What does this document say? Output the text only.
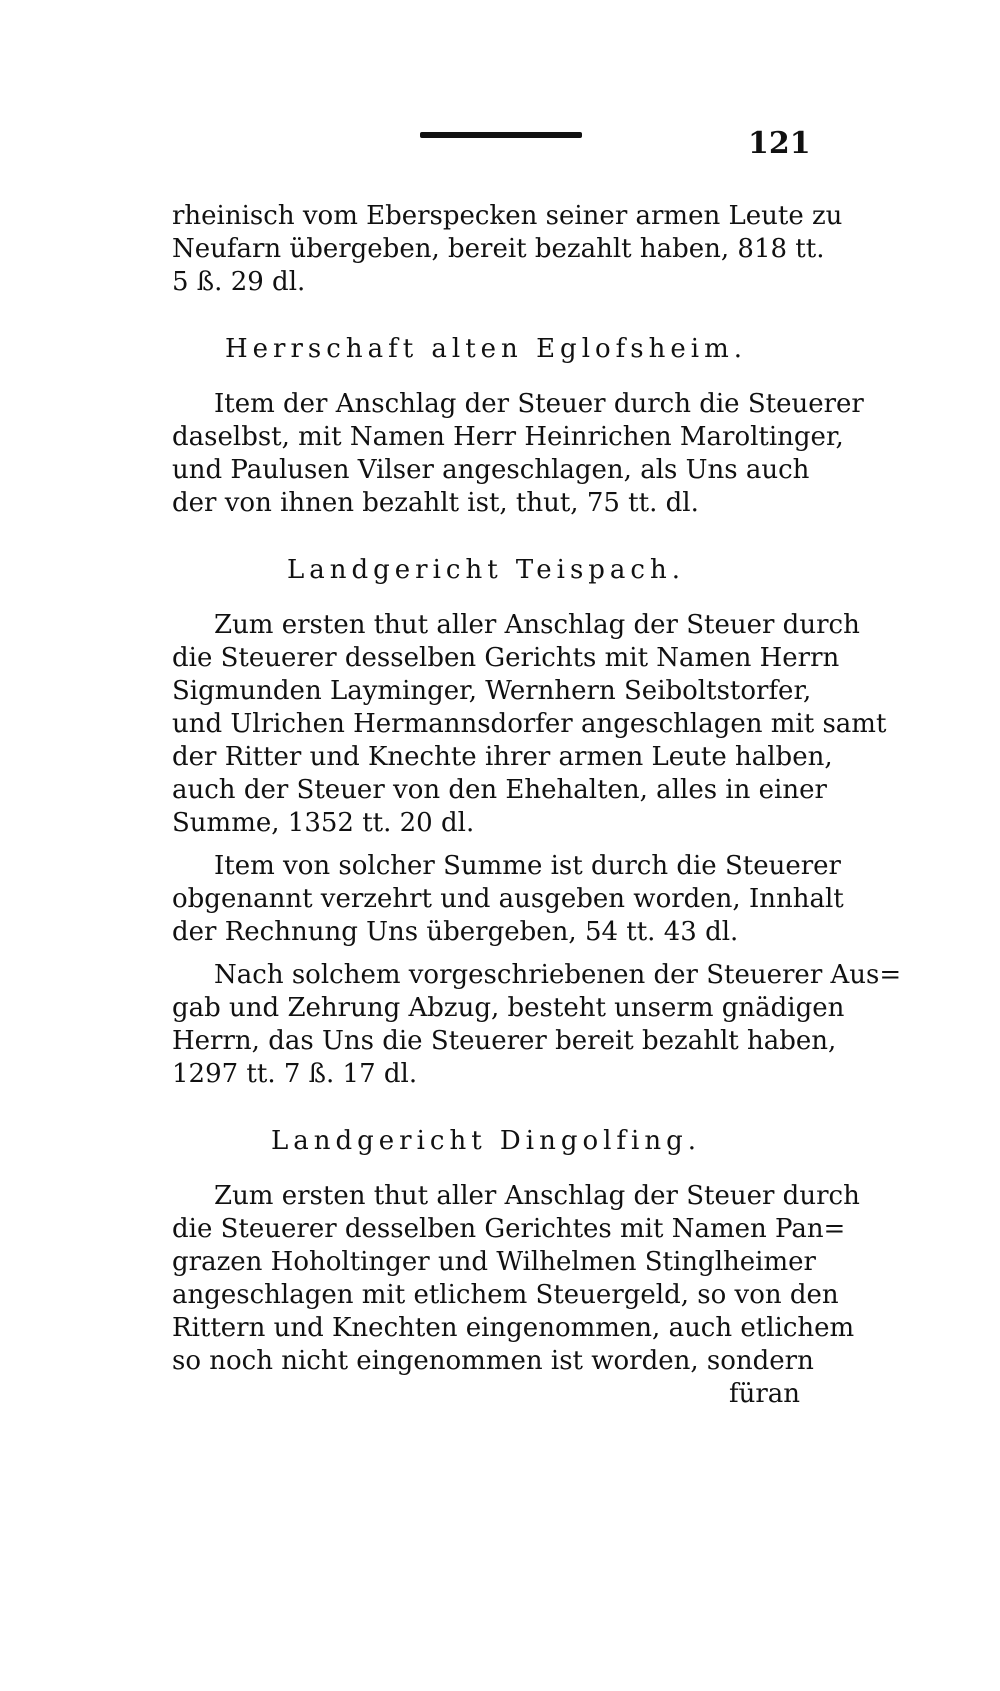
121
rheinisch vom Eberspecken seiner armen Leute zu
Neufarn übergeben, bereit bezahlt haben, 818 tt.
5 ß. 29 dl.
Herrschaft alten Eglofsheim.
Item der Anschlag der Steuer durch die Steuerer
daselbst, mit Namen Herr Heinrichen Maroltinger,
und Paulusen Vilser angeschlagen, als Uns auch
der von ihnen bezahlt ist, thut, 75 tt. dl.
Landgericht Teispach.
Zum ersten thut aller Anschlag der Steuer durch
die Steuerer desselben Gerichts mit Namen Herrn
Sigmunden Layminger, Wernhern Seiboltstorfer,
und Ulrichen Hermannsdorfer angeschlagen mit samt
der Ritter und Knechte ihrer armen Leute halben,
auch der Steuer von den Ehehalten, alles in einer
Summe, 1352 tt. 20 dl.
Item von solcher Summe ist durch die Steuerer
obgenannt verzehrt und ausgeben worden, Innhalt
der Rechnung Uns übergeben, 54 tt. 43 dl.
Nach solchem vorgeschriebenen der Steuerer Aus=
gab und Zehrung Abzug, besteht unserm gnädigen
Herrn, das Uns die Steuerer bereit bezahlt haben,
1297 tt. 7 ß. 17 dl.
Landgericht Dingolfing.
Zum ersten thut aller Anschlag der Steuer durch
die Steuerer desselben Gerichtes mit Namen Pan=
grazen Hoholtinger und Wilhelmen Stinglheimer
angeschlagen mit etlichem Steuergeld, so von den
Rittern und Knechten eingenommen, auch etlichem
so noch nicht eingenommen ist worden, sondern
füran
